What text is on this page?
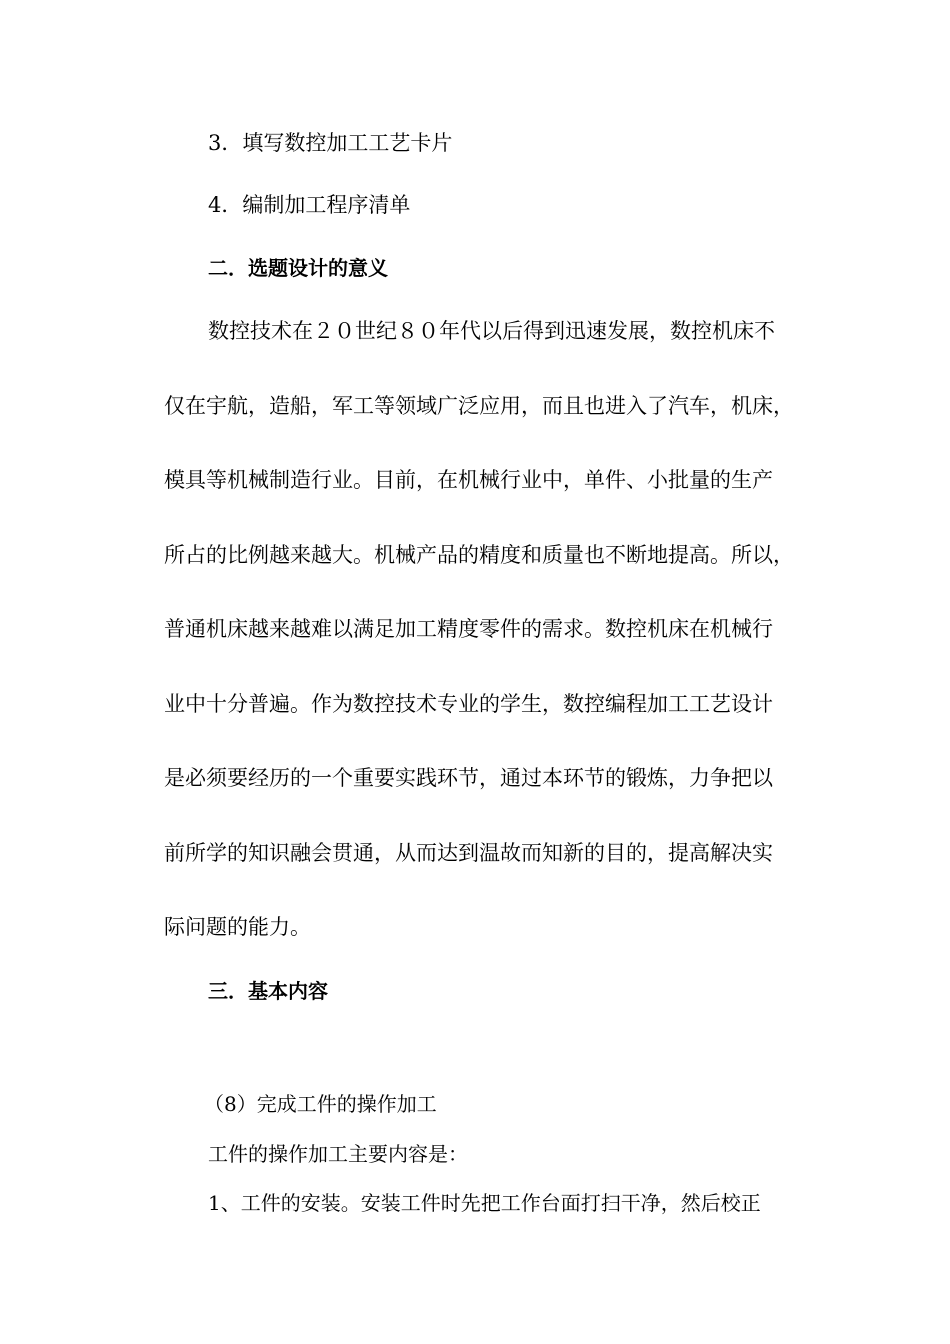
3．填写数控加工工艺卡片
4．编制加工程序清单
二．选题设计的意义
数控技术在２０世纪８０年代以后得到迅速发展，数控机床不
仅在宇航，造船，军工等领域广泛应用，而且也进入了汽车，机床，
模具等机械制造行业。目前，在机械行业中，单件、小批量的生产
所占的比例越来越大。机械产品的精度和质量也不断地提高。所以，
普通机床越来越难以满足加工精度零件的需求。数控机床在机械行
业中十分普遍。作为数控技术专业的学生，数控编程加工工艺设计
是必须要经历的一个重要实践环节，通过本环节的锻炼，力争把以
前所学的知识融会贯通，从而达到温故而知新的目的，提高解决实
际问题的能力。
三．基本内容
（8）完成工件的操作加工
工件的操作加工主要内容是：
1、工件的安装。安装工件时先把工作台面打扫干净，然后校正
